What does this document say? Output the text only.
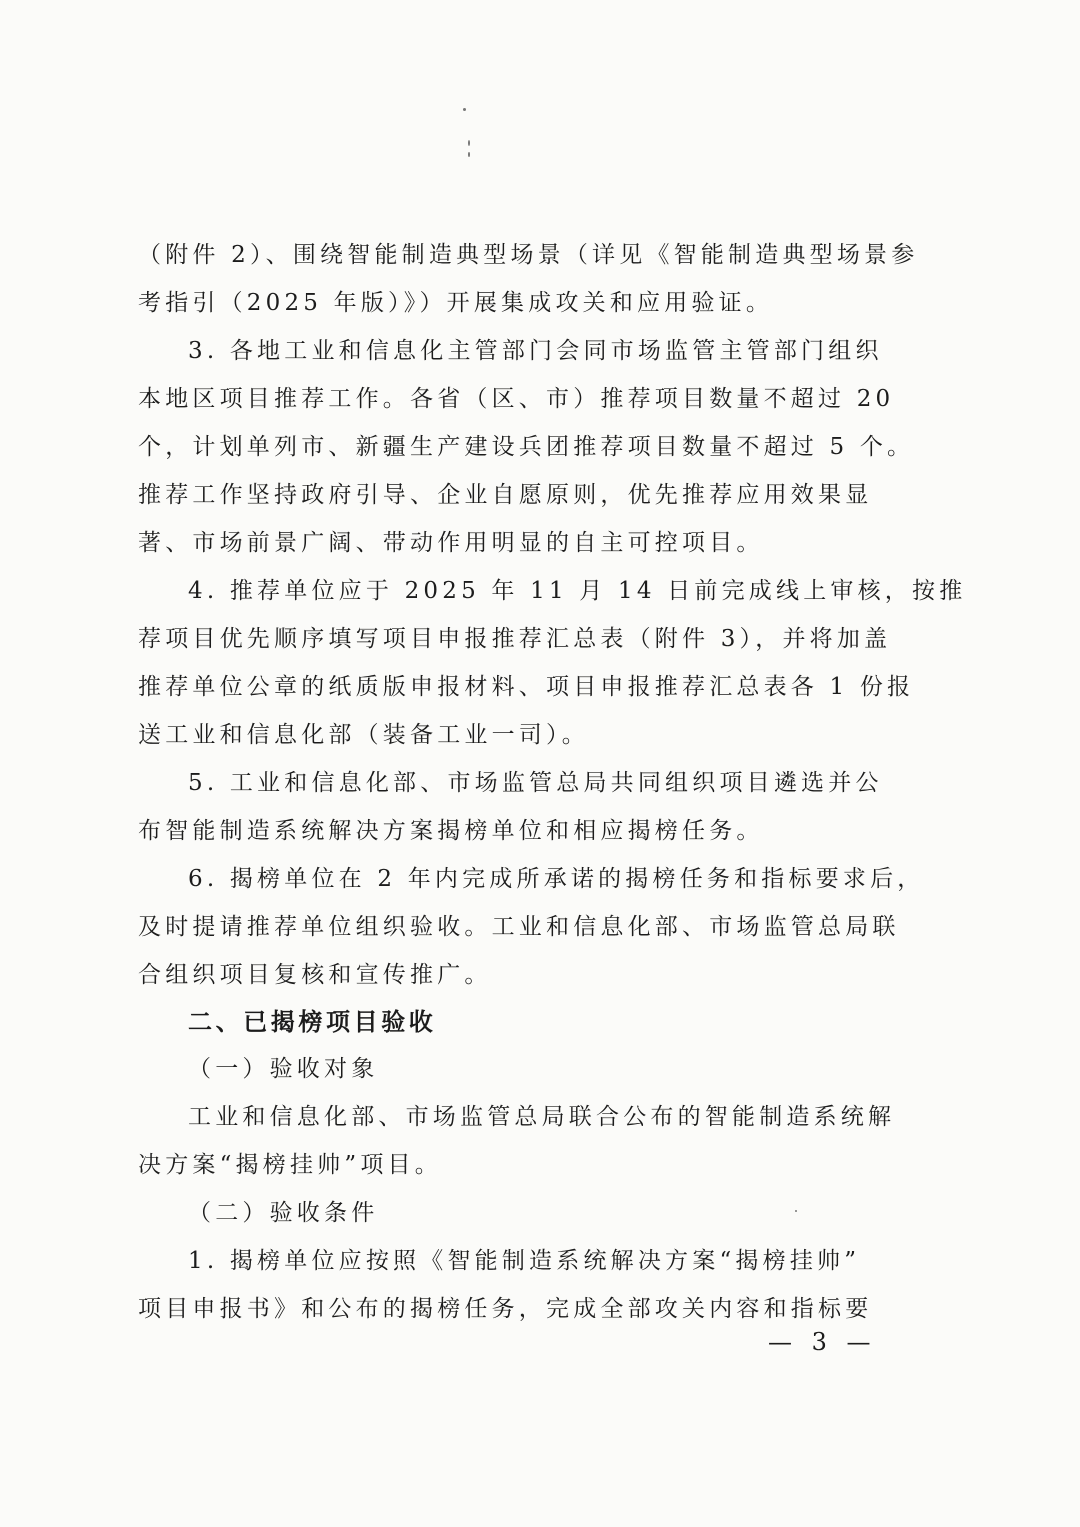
（附件 2）、围绕智能制造典型场景（详见《智能制造典型场景参
考指引（2025 年版）》）开展集成攻关和应用验证。
3. 各地工业和信息化主管部门会同市场监管主管部门组织
本地区项目推荐工作。各省（区、市）推荐项目数量不超过 20
个，计划单列市、新疆生产建设兵团推荐项目数量不超过 5 个。
推荐工作坚持政府引导、企业自愿原则，优先推荐应用效果显
著、市场前景广阔、带动作用明显的自主可控项目。
4. 推荐单位应于 2025 年 11 月 14 日前完成线上审核，按推
荐项目优先顺序填写项目申报推荐汇总表（附件 3），并将加盖
推荐单位公章的纸质版申报材料、项目申报推荐汇总表各 1 份报
送工业和信息化部（装备工业一司）。
5. 工业和信息化部、市场监管总局共同组织项目遴选并公
布智能制造系统解决方案揭榜单位和相应揭榜任务。
6. 揭榜单位在 2 年内完成所承诺的揭榜任务和指标要求后，
及时提请推荐单位组织验收。工业和信息化部、市场监管总局联
合组织项目复核和宣传推广。
二、已揭榜项目验收
（一）验收对象
工业和信息化部、市场监管总局联合公布的智能制造系统解
决方案“揭榜挂帅”项目。
（二）验收条件
1. 揭榜单位应按照《智能制造系统解决方案“揭榜挂帅”
项目申报书》和公布的揭榜任务，完成全部攻关内容和指标要
— 3 —
